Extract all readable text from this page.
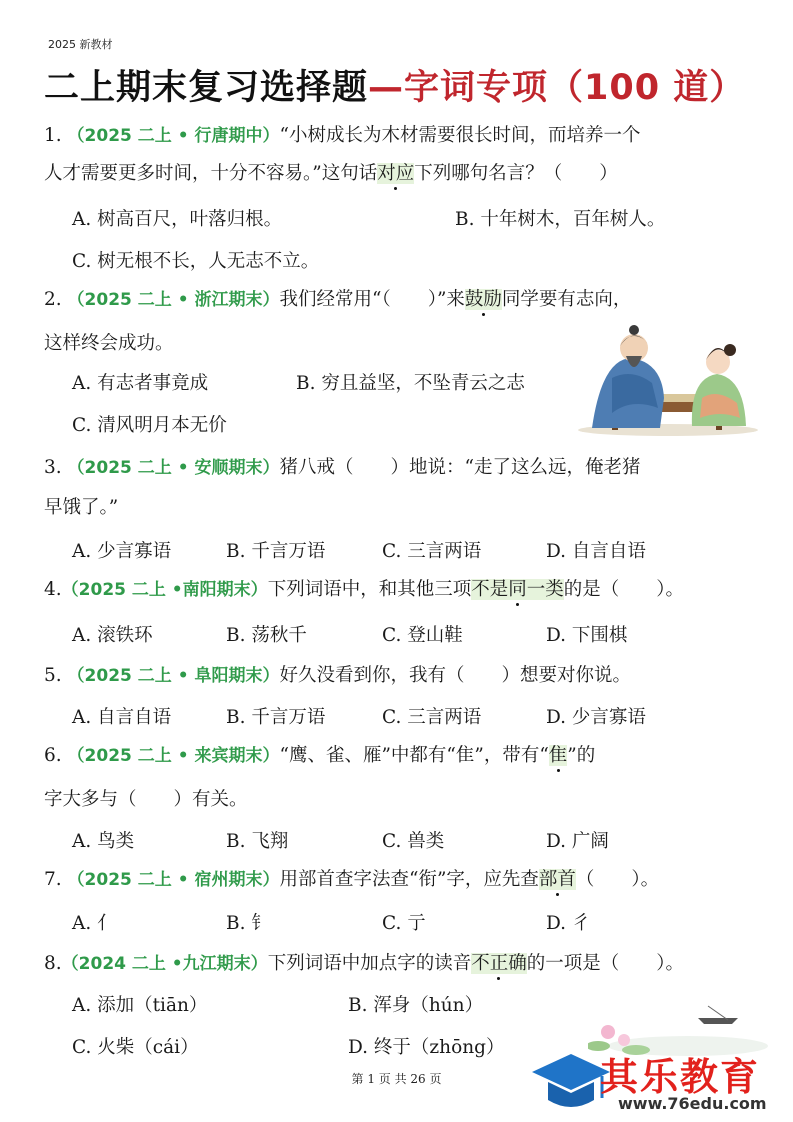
2025 新教材
二上期末复习选择题—字词专项（100 道）
1. （2025 二上 • 行唐期中）“小树成长为木材需要很长时间，而培养一个
人才需要更多时间，十分不容易。”这句话对应下列哪句名言？（　　）
A. 树高百尺，叶落归根。	B. 十年树木，百年树人。
C. 树无根不长，人无志不立。
2. （2025 二上 • 浙江期末）我们经常用“（　　）”来鼓励同学要有志向，
这样终会成功。
A. 有志者事竟成	B. 穷且益坚，不坠青云之志
C. 清风明月本无价
3. （2025 二上 • 安顺期末）猪八戒（　　）地说：“走了这么远，俺老猪
早饿了。”
A. 少言寡语	B. 千言万语	C. 三言两语	D. 自言自语
4.（2025 二上 •南阳期末）下列词语中，和其他三项不是同一类的是（　　）。
A. 滚铁环	B. 荡秋千	C. 登山鞋	D. 下围棋
5. （2025 二上 • 阜阳期末）好久没看到你，我有（　　）想要对你说。
A. 自言自语	B. 千言万语	C. 三言两语	D. 少言寡语
6. （2025 二上 • 来宾期末）“鹰、雀、雁”中都有“隹”，带有“隹”的
字大多与（　　）有关。
A. 鸟类	B. 飞翔	C. 兽类	D. 广阔
7. （2025 二上 • 宿州期末）用部首查字法查“衔”字，应先查部首（　　）。
A. 亻	B. 钅	C. 亍	D. 彳
8.（2024 二上 •九江期末）下列词语中加点字的读音不正确的一项是（　　）。
A. 添加（tiān）	B. 浑身（hún）
C. 火柴（cái）	D. 终于（zhōng）
其乐教育
www.76edu.com
第 1 页 共 26 页
